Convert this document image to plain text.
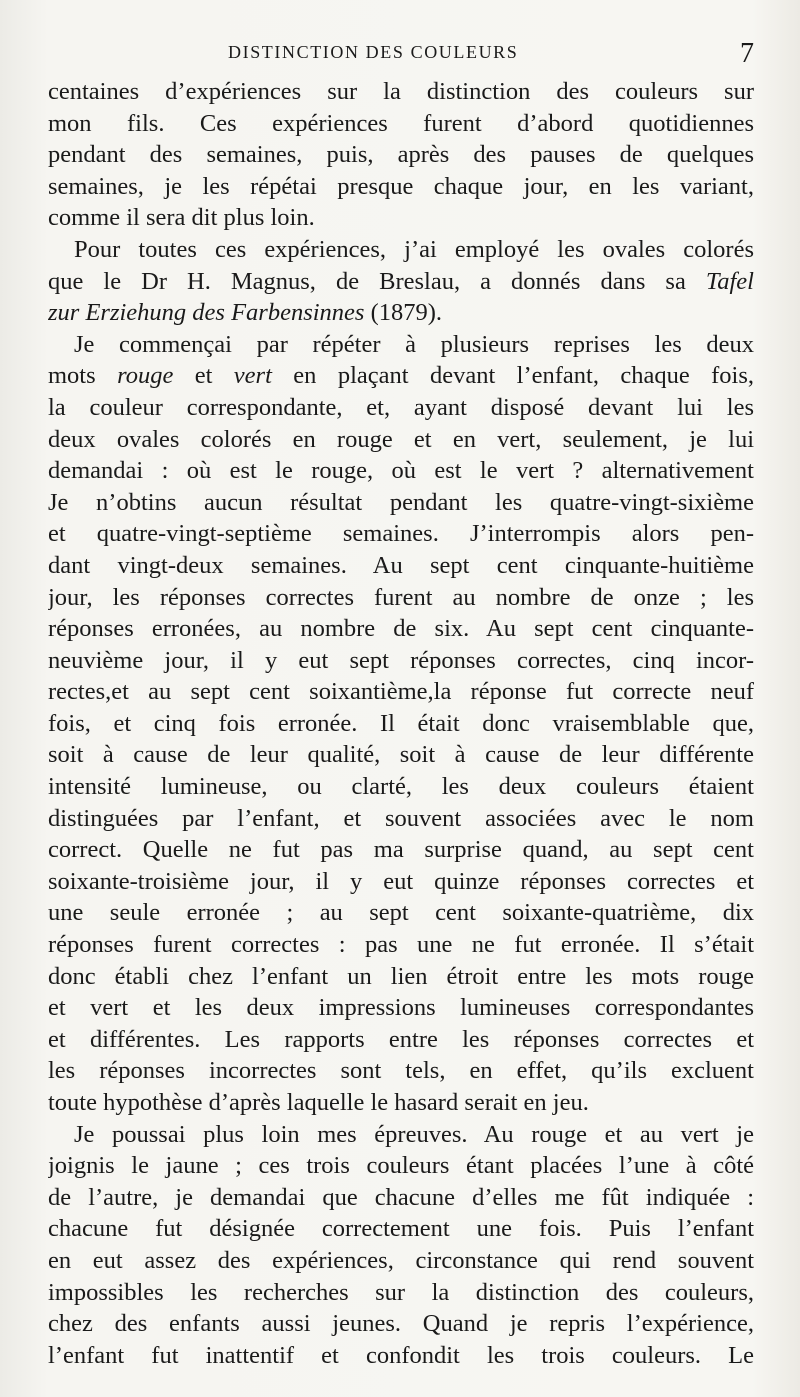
DISTINCTION DES COULEURS	7
centaines d’expériences sur la distinction des couleurs sur
mon fils. Ces expériences furent d’abord quotidiennes
pendant des semaines, puis, après des pauses de quelques
semaines, je les répétai presque chaque jour, en les variant,
comme il sera dit plus loin.
Pour toutes ces expériences, j’ai employé les ovales colorés
que le Dr H. Magnus, de Breslau, a donnés dans sa Tafel
zur Erziehung des Farbensinnes (1879).
Je commençai par répéter à plusieurs reprises les deux
mots rouge et vert en plaçant devant l’enfant, chaque fois,
la couleur correspondante, et, ayant disposé devant lui les
deux ovales colorés en rouge et en vert, seulement, je lui
demandai : où est le rouge, où est le vert ? alternativement
Je n’obtins aucun résultat pendant les quatre-vingt-sixième
et quatre-vingt-septième semaines. J’interrompis alors pen-
dant vingt-deux semaines. Au sept cent cinquante-huitième
jour, les réponses correctes furent au nombre de onze ; les
réponses erronées, au nombre de six. Au sept cent cinquante-
neuvième jour, il y eut sept réponses correctes, cinq incor-
rectes,et au sept cent soixantième,la réponse fut correcte neuf
fois, et cinq fois erronée. Il était donc vraisemblable que,
soit à cause de leur qualité, soit à cause de leur différente
intensité lumineuse, ou clarté, les deux couleurs étaient
distinguées par l’enfant, et souvent associées avec le nom
correct. Quelle ne fut pas ma surprise quand, au sept cent
soixante-troisième jour, il y eut quinze réponses correctes et
une seule erronée ; au sept cent soixante-quatrième, dix
réponses furent correctes : pas une ne fut erronée. Il s’était
donc établi chez l’enfant un lien étroit entre les mots rouge
et vert et les deux impressions lumineuses correspondantes
et différentes. Les rapports entre les réponses correctes et
les réponses incorrectes sont tels, en effet, qu’ils excluent
toute hypothèse d’après laquelle le hasard serait en jeu.
Je poussai plus loin mes épreuves. Au rouge et au vert je
joignis le jaune ; ces trois couleurs étant placées l’une à côté
de l’autre, je demandai que chacune d’elles me fût indiquée :
chacune fut désignée correctement une fois. Puis l’enfant
en eut assez des expériences, circonstance qui rend souvent
impossibles les recherches sur la distinction des couleurs,
chez des enfants aussi jeunes. Quand je repris l’expérience,
l’enfant fut inattentif et confondit les trois couleurs. Le
